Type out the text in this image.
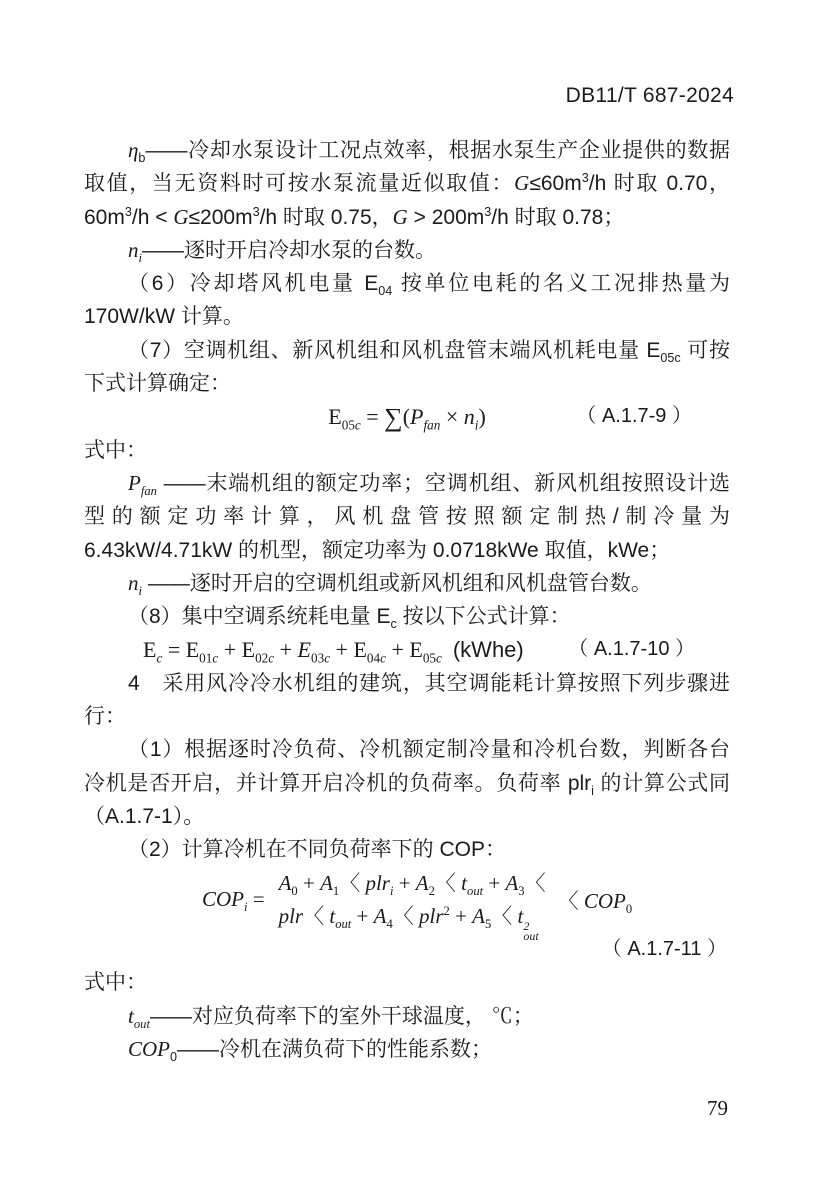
DB11/T 687-2024

$\eta_b——$冷却水泵设计工况点效率，根据水泵生产企业提供的数据

取值，当无资料时可按水泵流量近似取值：$G\le 60m^3/h$ 时取 0.70，

$60m^3/h < G\le 200m^3/h$ 时取 0.75，$G > 200m^3/h$ 时取 0.78；

$n_i——$逐时开启冷却水泵的台数。

（6）冷却塔风机电量 $E_{04}$ 按单位电耗的名义工况排热量为

170W/kW 计算。

（7）空调机组、新风机组和风机盘管末端风机耗电量 $E_{05c}$ 可按

下式计算确定：

$E_{05c} = \sum(P_{fan} \times n_i)$	（ A.1.7-9 ）

式中：

$P_{fan}$ ——末端机组的额定功率；空调机组、新风机组按照设计选

型的额定功率计算，风机盘管按照额定制热/制冷量为

6.43kW/4.71kW 的机型，额定功率为 0.0718kWe 取值，kWe；

$n_i$ ——逐时开启的空调机组或新风机组和风机盘管台数。

（8）集中空调系统耗电量 $E_c$ 按以下公式计算：

$E_c = E_{01c} + E_{02c} + E_{03c} + E_{04c} + E_{05c}$ (kWhe) （ A.1.7-10 ）

4　采用风冷冷水机组的建筑，其空调能耗计算按照下列步骤进

行：

（1）根据逐时冷负荷、冷机额定制冷量和冷机台数，判断各台

冷机是否开启，并计算开启冷机的负荷率。负荷率 plr$_i$ 的计算公式同

（A.1.7-1）。

（2）计算冷机在不同负荷率下的 COP：

$COP_i$ =
$A_0 + A_1$〈 $plr_i + A_2$〈 $t_{out} + A_3$〈
plr〈 $t_{out} + A_4$〈 $plr^2 + A_5$〈 t 2
out
〈 $COP_0$
（ A.1.7-11 ）

式中：

$t_{out}——$对应负荷率下的室外干球温度， ℃；

$COP_0——$冷机在满负荷下的性能系数；

79
